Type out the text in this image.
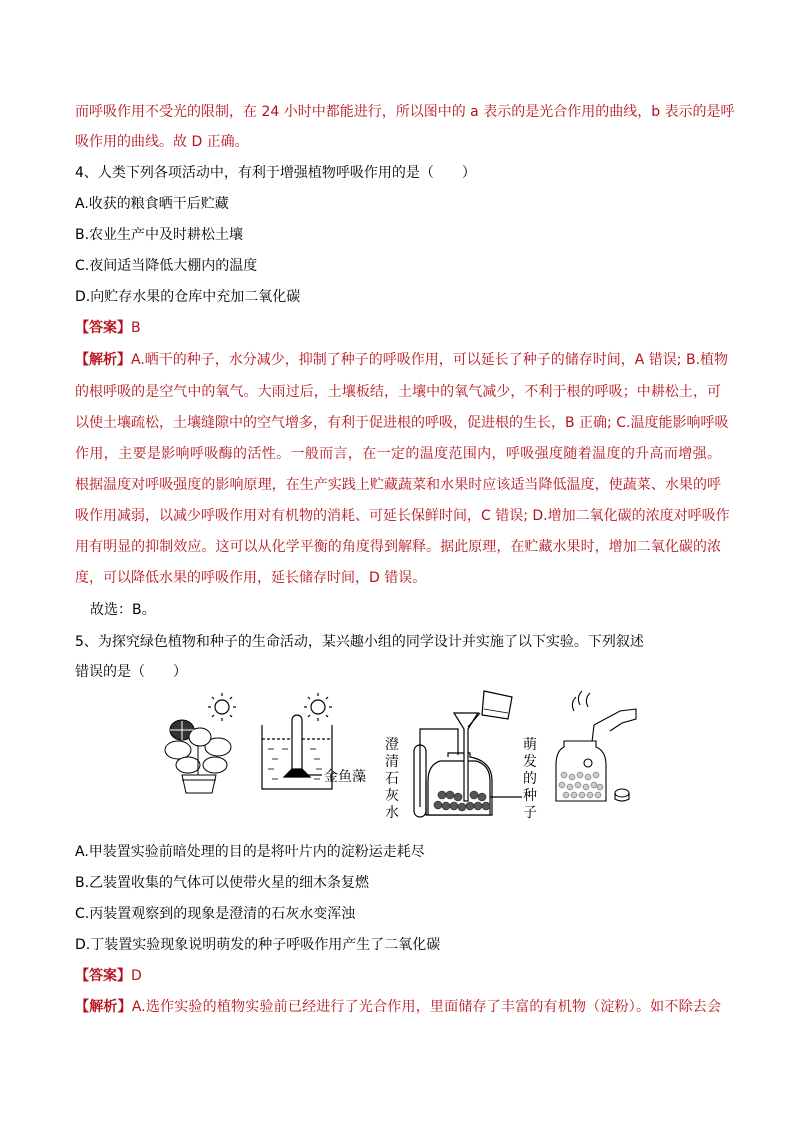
而呼吸作用不受光的限制，在 24 小时中都能进行，所以图中的 a 表示的是光合作用的曲线，b 表示的是呼
吸作用的曲线。故 D 正确。
4、人类下列各项活动中，有利于增强植物呼吸作用的是（　　）
A.收获的粮食晒干后贮藏
B.农业生产中及时耕松土壤
C.夜间适当降低大棚内的温度
D.向贮存水果的仓库中充加二氧化碳
【答案】B
【解析】A.晒干的种子，水分减少，抑制了种子的呼吸作用，可以延长了种子的储存时间，A 错误; B.植物
的根呼吸的是空气中的氧气。大雨过后，土壤板结，土壤中的氧气减少，不利于根的呼吸；中耕松土，可
以使土壤疏松，土壤缝隙中的空气增多，有利于促进根的呼吸，促进根的生长，B 正确; C.温度能影响呼吸
作用，主要是影响呼吸酶的活性。一般而言，在一定的温度范围内，呼吸强度随着温度的升高而增强。
根据温度对呼吸强度的影响原理，在生产实践上贮藏蔬菜和水果时应该适当降低温度，使蔬菜、水果的呼
吸作用减弱，以减少呼吸作用对有机物的消耗、可延长保鲜时间，C 错误; D.增加二氧化碳的浓度对呼吸作
用有明显的抑制效应。这可以从化学平衡的角度得到解释。据此原理，在贮藏水果时，增加二氧化碳的浓
度，可以降低水果的呼吸作用，延长储存时间，D 错误。
故选：B。
5、为探究绿色植物和种子的生命活动，某兴趣小组的同学设计并实施了以下实验。下列叙述
错误的是（　　）
金鱼藻
澄
清
石
灰
水
萌
发
的
种
子
A.甲装置实验前暗处理的目的是将叶片内的淀粉运走耗尽
B.乙装置收集的气体可以使带火星的细木条复燃
C.丙装置观察到的现象是澄清的石灰水变浑浊
D.丁装置实验现象说明萌发的种子呼吸作用产生了二氧化碳
【答案】D
【解析】A.选作实验的植物实验前已经进行了光合作用，里面储存了丰富的有机物（淀粉）。如不除去会
